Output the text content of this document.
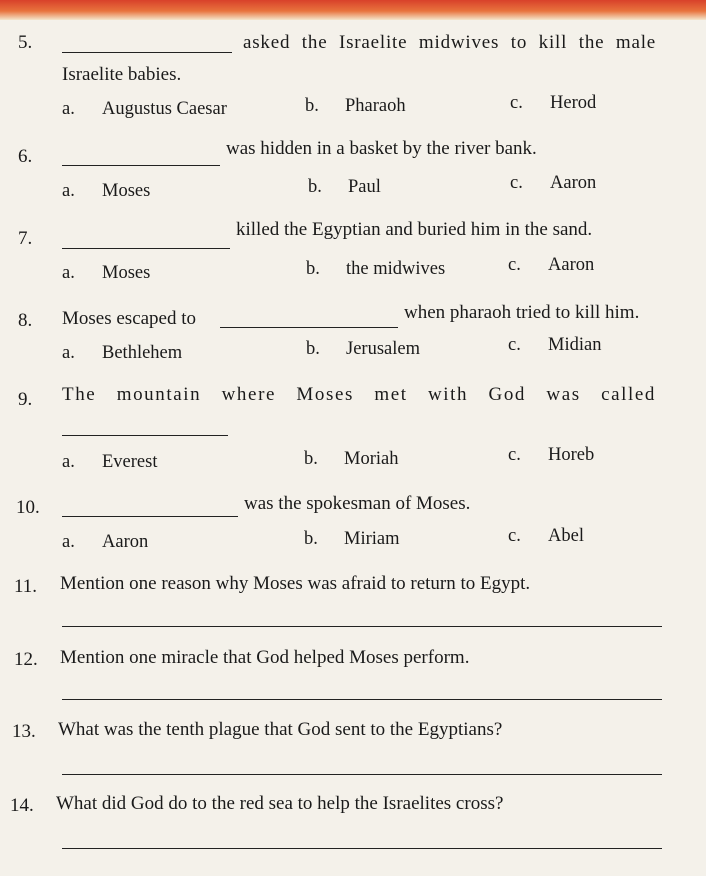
5.	asked the Israelite midwives to kill the male
Israelite babies.
a. Augustus Caesar	b. Pharaoh	c. Herod
6.	was hidden in a basket by the river bank.
a. Moses	b. Paul	c. Aaron
7.	killed the Egyptian and buried him in the sand.
a. Moses	b. the midwives	c. Aaron
8. Moses escaped to	when pharaoh tried to kill him.
a. Bethlehem	b. Jerusalem	c. Midian
9. The mountain where Moses met with God was called
a. Everest	b. Moriah	c. Horeb
10.	was the spokesman of Moses.
a. Aaron	b. Miriam	c. Abel
11. Mention one reason why Moses was afraid to return to Egypt.
12. Mention one miracle that God helped Moses perform.
13. What was the tenth plague that God sent to the Egyptians?
14. What did God do to the red sea to help the Israelites cross?
